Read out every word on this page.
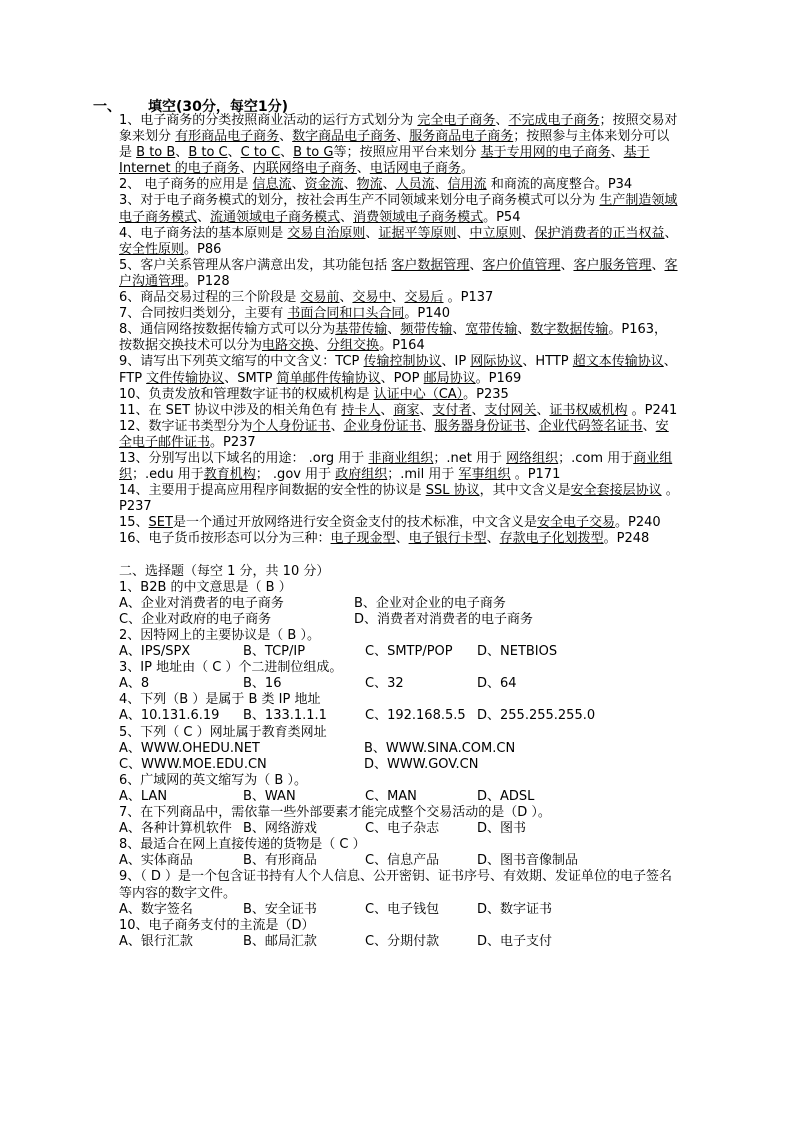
一、 填空(30分，每空1分)

1、电子商务的分类按照商业活动的运行方式划分为 完全电子商务、不完成电子商务；按照交易对象来划分 有形商品电子商务、数字商品电子商务、服务商品电子商务；按照参与主体来划分可以是 B to B、B to C、C to C、B to G等；按照应用平台来划分 基于专用网的电子商务、基于 Internet 的电子商务、内联网络电子商务、电话网电子商务。

2、 电子商务的应用是 信息流、资金流、物流、人员流、信用流 和商流的高度整合。P34

3、对于电子商务模式的划分，按社会再生产不同领域来划分电子商务模式可以分为 生产制造领域电子商务模式、流通领域电子商务模式、消费领域电子商务模式。P54

4、电子商务法的基本原则是 交易自治原则、证据平等原则、中立原则、保护消费者的正当权益、安全性原则。P86

5、客户关系管理从客户满意出发，其功能包括 客户数据管理、客户价值管理、客户服务管理、客户沟通管理。P128

6、商品交易过程的三个阶段是 交易前、交易中、交易后 。P137

7、合同按归类划分，主要有 书面合同和口头合同。P140

8、通信网络按数据传输方式可以分为基带传输、频带传输、宽带传输、数字数据传输。P163，按数据交换技术可以分为电路交换、分组交换。P164

9、请写出下列英文缩写的中文含义：TCP 传输控制协议、IP 网际协议、HTTP 超文本传输协议、FTP 文件传输协议、SMTP 简单邮件传输协议、POP 邮局协议。P169

10、负责发放和管理数字证书的权威机构是 认证中心（CA）。P235

11、在 SET 协议中涉及的相关角色有 持卡人、商家、支付者、支付网关、证书权威机构 。P241

12、数字证书类型分为个人身份证书、企业身份证书、服务器身份证书、企业代码签名证书、安全电子邮件证书。P237

13、分别写出以下域名的用途： .org 用于 非商业组织；.net 用于 网络组织；.com 用于商业组织；.edu 用于教育机构； .gov 用于 政府组织；.mil 用于 军事组织 。P171

14、主要用于提高应用程序间数据的安全性的协议是 SSL 协议，其中文含义是安全套接层协议 。P237

15、SET是一个通过开放网络进行安全资金支付的技术标准，中文含义是安全电子交易。P240

16、电子货币按形态可以分为三种：电子现金型、电子银行卡型、存款电子化划拨型。P248

二、选择题（每空 1 分，共 10 分）

1、B2B 的中文意思是（ B ）

A、企业对消费者的电子商务	B、企业对企业的电子商务
C、企业对政府的电子商务	D、消费者对消费者的电子商务

2、因特网上的主要协议是（ B ）。

A、IPS/SPX	B、TCP/IP	C、SMTP/POP	D、NETBIOS

3、IP 地址由（ C ）个二进制位组成。

A、8	B、16	C、32	D、64

4、下列（B ）是属于 B 类 IP 地址

A、10.131.6.19	B、133.1.1.1	C、192.168.5.5 D、255.255.255.0

5、下列（ C ）网址属于教育类网址

A、WWW.OHEDU.NET	B、WWW.SINA.COM.CN
C、WWW.MOE.EDU.CN	D、WWW.GOV.CN

6、广域网的英文缩写为（ B ）。

A、LAN	B、WAN	C、MAN	D、ADSL

7、在下列商品中，需依靠一些外部要素才能完成整个交易活动的是（D ）。

A、各种计算机软件 B、网络游戏	C、电子杂志	D、图书

8、最适合在网上直接传递的货物是（ C ）

A、实体商品	B、有形商品	C、信息产品	D、图书音像制品

9、（ D ）是一个包含证书持有人个人信息、公开密钥、证书序号、有效期、发证单位的电子签名等内容的数字文件。

A、数字签名	B、安全证书	C、电子钱包	D、数字证书

10、电子商务支付的主流是（D）

A、银行汇款	B、邮局汇款	C、分期付款	D、电子支付
